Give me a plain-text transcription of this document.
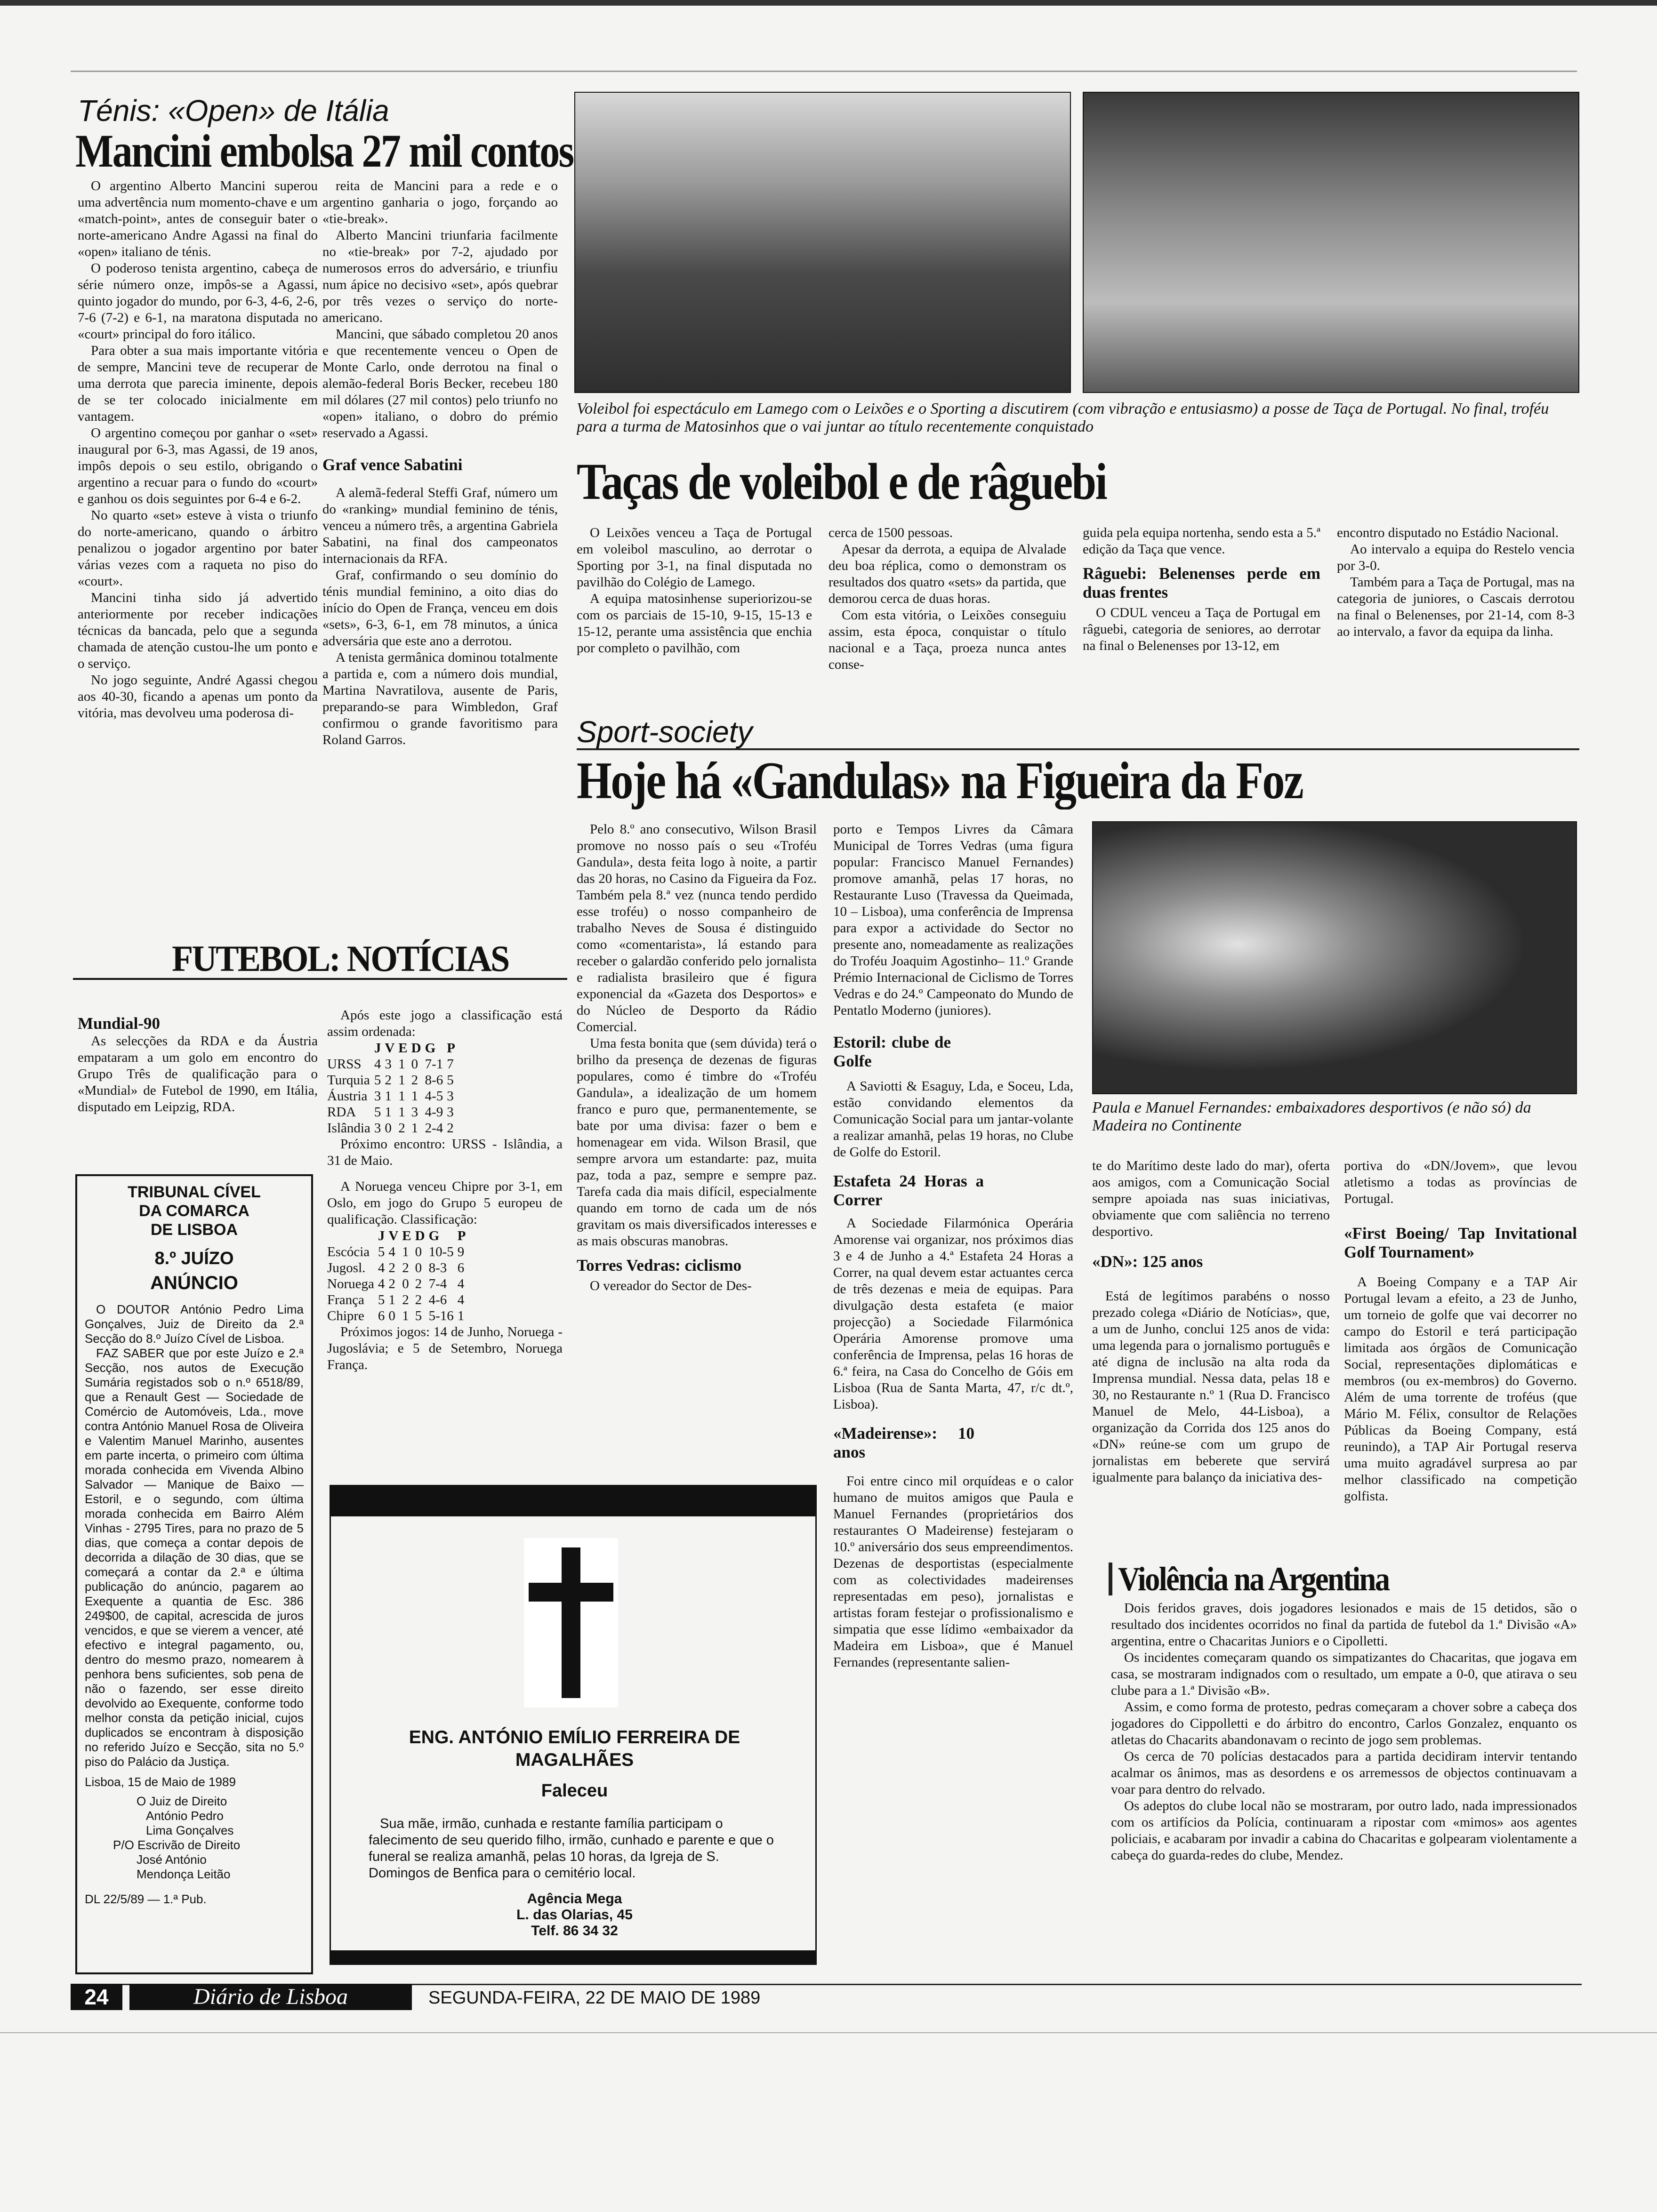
Ténis: «Open» de Itália
Mancini embolsa 27 mil contos

O argentino Alberto Mancini superou uma advertência num momento-chave e um «match-point», antes de conseguir bater o norte-americano Andre Agassi na final do «open» italiano de ténis.

O poderoso tenista argentino, cabeça de série número onze, impôs-se a Agassi, quinto jogador do mundo, por 6-3, 4-6, 2-6, 7-6 (7-2) e 6-1, na maratona disputada no «court» principal do foro itálico.

Para obter a sua mais importante vitória de sempre, Mancini teve de recuperar de uma derrota que parecia iminente, depois de se ter colocado inicialmente em vantagem.

O argentino começou por ganhar o «set» inaugural por 6-3, mas Agassi, de 19 anos, impôs depois o seu estilo, obrigando o argentino a recuar para o fundo do «court» e ganhou os dois seguintes por 6-4 e 6-2.

No quarto «set» esteve à vista o triunfo do norte-americano, quando o árbitro penalizou o jogador argentino por bater várias vezes com a raqueta no piso do «court».

Mancini tinha sido já advertido anteriormente por receber indicações técnicas da bancada, pelo que a segunda chamada de atenção custou-lhe um ponto e o serviço.

No jogo seguinte, André Agassi chegou aos 40-30, ficando a apenas um ponto da vitória, mas devolveu uma poderosa di-

reita de Mancini para a rede e o argentino ganharia o jogo, forçando ao «tie-break».

Alberto Mancini triunfaria facilmente no «tie-break» por 7-2, ajudado por numerosos erros do adversário, e triunfiu num ápice no decisivo «set», após quebrar por três vezes o serviço do norte-americano.

Mancini, que sábado completou 20 anos e que recentemente venceu o Open de Monte Carlo, onde derrotou na final o alemão-federal Boris Becker, recebeu 180 mil dólares (27 mil contos) pelo triunfo no «open» italiano, o dobro do prémio reservado a Agassi.

Graf vence Sabatini

A alemã-federal Steffi Graf, número um do «ranking» mundial feminino de ténis, venceu a número três, a argentina Gabriela Sabatini, na final dos campeonatos internacionais da RFA.

Graf, confirmando o seu domínio do ténis mundial feminino, a oito dias do início do Open de França, venceu em dois «sets», 6-3, 6-1, em 78 minutos, a única adversária que este ano a derrotou.

A tenista germânica dominou totalmente a partida e, com a número dois mundial, Martina Navratilova, ausente de Paris, preparando-se para Wimbledon, Graf confirmou o grande favoritismo para Roland Garros.

FUTEBOL: NOTÍCIAS
Mundial-90

As selecções da RDA e da Áustria empataram a um golo em encontro do Grupo Três de qualificação para o «Mundial» de Futebol de 1990, em Itália, disputado em Leipzig, RDA.

Após este jogo a classificação está assim ordenada:

	J	V	E	D	G	P
URSS	4	3	1	0	7-1	7
Turquia	5	2	1	2	8-6	5
Áustria	3	1	1	1	4-5	3
RDA	5	1	1	3	4-9	3
Islândia	3	0	2	1	2-4	2

Próximo encontro: URSS - Islândia, a 31 de Maio.

A Noruega venceu Chipre por 3-1, em Oslo, em jogo do Grupo 5 europeu de qualificação. Classificação:

	J	V	E	D	G	P
Escócia	5	4	1	0	10-5	9
Jugosl.	4	2	2	0	8-3	6
Noruega	4	2	0	2	7-4	4
França	5	1	2	2	4-6	4
Chipre	6	0	1	5	5-16	1

Próximos jogos: 14 de Junho, Noruega - Jugoslávia; e 5 de Setembro, Noruega França.

TRIBUNAL CÍVEL
DA COMARCA
DE LISBOA
8.º JUÍZO
ANÚNCIO

O DOUTOR António Pedro Lima Gonçalves, Juiz de Direito da 2.ª Secção do 8.º Juízo Cível de Lisboa.

FAZ SABER que por este Juízo e 2.ª Secção, nos autos de Execução Sumária registados sob o n.º 6518/89, que a Renault Gest — Sociedade de Comércio de Automóveis, Lda., move contra António Manuel Rosa de Oliveira e Valentim Manuel Marinho, ausentes em parte incerta, o primeiro com última morada conhecida em Vivenda Albino Salvador — Manique de Baixo — Estoril, e o segundo, com última morada conhecida em Bairro Além Vinhas - 2795 Tires, para no prazo de 5 dias, que começa a contar depois de decorrida a dilação de 30 dias, que se começará a contar da 2.ª e última publicação do anúncio, pagarem ao Exequente a quantia de Esc. 386 249$00, de capital, acrescida de juros vencidos, e que se vierem a vencer, até efectivo e integral pagamento, ou, dentro do mesmo prazo, nomearem à penhora bens suficientes, sob pena de não o fazendo, ser esse direito devolvido ao Exequente, conforme todo melhor consta da petição inicial, cujos duplicados se encontram à disposição no referido Juízo e Secção, sita no 5.º piso do Palácio da Justiça.

Lisboa, 15 de Maio de 1989
O Juiz de Direito
António Pedro
Lima Gonçalves
P/O Escrivão de Direito
José António
Mendonça Leitão
DL 22/5/89 — 1.ª Pub.
ENG. ANTÓNIO EMÍLIO FERREIRA DE MAGALHÃES
Faleceu
Sua mãe, irmão, cunhada e restante família participam o falecimento de seu querido filho, irmão, cunhado e parente e que o funeral se realiza amanhã, pelas 10 horas, da Igreja de S. Domingos de Benfica para o cemitério local.
Agência Mega
L. das Olarias, 45
Telf. 86 34 32
Voleibol foi espectáculo em Lamego com o Leixões e o Sporting a discutirem (com vibração e entusiasmo) a posse de Taça de Portugal. No final, troféu para a turma de Matosinhos que o vai juntar ao título recentemente conquistado
Taças de voleibol e de râguebi

O Leixões venceu a Taça de Portugal em voleibol masculino, ao derrotar o Sporting por 3-1, na final disputada no pavilhão do Colégio de Lamego.

A equipa matosinhense superiorizou-se com os parciais de 15-10, 9-15, 15-13 e 15-12, perante uma assistência que enchia por completo o pavilhão, com

cerca de 1500 pessoas.

Apesar da derrota, a equipa de Alvalade deu boa réplica, como o demonstram os resultados dos quatro «sets» da partida, que demorou cerca de duas horas.

Com esta vitória, o Leixões conseguiu assim, esta época, conquistar o título nacional e a Taça, proeza nunca antes conse-

guida pela equipa nortenha, sendo esta a 5.ª edição da Taça que vence.

Râguebi: Belenenses perde em duas frentes

O CDUL venceu a Taça de Portugal em râguebi, categoria de seniores, ao derrotar na final o Belenenses por 13-12, em

encontro disputado no Estádio Nacional.

Ao intervalo a equipa do Restelo vencia por 3-0.

Também para a Taça de Portugal, mas na categoria de juniores, o Cascais derrotou na final o Belenenses, por 21-14, com 8-3 ao intervalo, a favor da equipa da linha.

Sport-society
Hoje há «Gandulas» na Figueira da Foz

Pelo 8.º ano consecutivo, Wilson Brasil promove no nosso país o seu «Troféu Gandula», desta feita logo à noite, a partir das 20 horas, no Casino da Figueira da Foz. Também pela 8.ª vez (nunca tendo perdido esse troféu) o nosso companheiro de trabalho Neves de Sousa é distinguido como «comentarista», lá estando para receber o galardão conferido pelo jornalista e radialista brasileiro que é figura exponencial da «Gazeta dos Desportos» e do Núcleo de Desporto da Rádio Comercial.

Uma festa bonita que (sem dúvida) terá o brilho da presença de dezenas de figuras populares, como é timbre do «Troféu Gandula», a idealização de um homem franco e puro que, permanentemente, se bate por uma divisa: fazer o bem e homenagear em vida. Wilson Brasil, que sempre arvora um estandarte: paz, muita paz, toda a paz, sempre e sempre paz. Tarefa cada dia mais difícil, especialmente quando em torno de cada um de nós gravitam os mais diversificados interesses e as mais obscuras manobras.

Torres Vedras: ciclismo

O vereador do Sector de Des-

porto e Tempos Livres da Câmara Municipal de Torres Vedras (uma figura popular: Francisco Manuel Fernandes) promove amanhã, pelas 17 horas, no Restaurante Luso (Travessa da Queimada, 10 – Lisboa), uma conferência de Imprensa para expor a actividade do Sector no presente ano, nomeadamente as realizações do Troféu Joaquim Agostinho– 11.º Grande Prémio Internacional de Ciclismo de Torres Vedras e do 24.º Campeonato do Mundo de Pentatlo Moderno (juniores).

Estoril: clube de Golfe

A Saviotti & Esaguy, Lda, e Soceu, Lda, estão convidando elementos da Comunicação Social para um jantar-volante a realizar amanhã, pelas 19 horas, no Clube de Golfe do Estoril.

Estafeta 24 Horas a Correr

A Sociedade Filarmónica Operária Amorense vai organizar, nos próximos dias 3 e 4 de Junho a 4.ª Estafeta 24 Horas a Correr, na qual devem estar actuantes cerca de três dezenas e meia de equipas. Para divulgação desta estafeta (e maior projecção) a Sociedade Filarmónica Operária Amorense promove uma conferência de Imprensa, pelas 16 horas de 6.ª feira, na Casa do Concelho de Góis em Lisboa (Rua de Santa Marta, 47, r/c dt.º, Lisboa).

«Madeirense»: 10 anos

Foi entre cinco mil orquídeas e o calor humano de muitos amigos que Paula e Manuel Fernandes (proprietários dos restaurantes O Madeirense) festejaram o 10.º aniversário dos seus empreendimentos. Dezenas de desportistas (especialmente com as colectividades madeirenses representadas em peso), jornalistas e artistas foram festejar o profissionalismo e simpatia que esse lídimo «embaixador da Madeira em Lisboa», que é Manuel Fernandes (representante salien-

Paula e Manuel Fernandes: embaixadores desportivos (e não só) da Madeira no Continente

te do Marítimo deste lado do mar), oferta aos amigos, com a Comunicação Social sempre apoiada nas suas iniciativas, obviamente que com saliência no terreno desportivo.

«DN»: 125 anos

Está de legítimos parabéns o nosso prezado colega «Diário de Notícias», que, a um de Junho, conclui 125 anos de vida: uma legenda para o jornalismo português e até digna de inclusão na alta roda da Imprensa mundial. Nessa data, pelas 18 e 30, no Restaurante n.º 1 (Rua D. Francisco Manuel de Melo, 44-Lisboa), a organização da Corrida dos 125 anos do «DN» reúne-se com um grupo de jornalistas em beberete que servirá igualmente para balanço da iniciativa des-

portiva do «DN/Jovem», que levou atletismo a todas as províncias de Portugal.

«First Boeing/ Tap Invitational Golf Tournament»

A Boeing Company e a TAP Air Portugal levam a efeito, a 23 de Junho, um torneio de golfe que vai decorrer no campo do Estoril e terá participação limitada aos órgãos de Comunicação Social, representações diplomáticas e membros (ou ex-membros) do Governo. Além de uma torrente de troféus (que Mário M. Félix, consultor de Relações Públicas da Boeing Company, está reunindo), a TAP Air Portugal reserva uma muito agradável surpresa ao par melhor classificado na competição golfista.

Violência na Argentina

Dois feridos graves, dois jogadores lesionados e mais de 15 detidos, são o resultado dos incidentes ocorridos no final da partida de futebol da 1.ª Divisão «A» argentina, entre o Chacaritas Juniors e o Cipolletti.

Os incidentes começaram quando os simpatizantes do Chacaritas, que jogava em casa, se mostraram indignados com o resultado, um empate a 0-0, que atirava o seu clube para a 1.ª Divisão «B».

Assim, e como forma de protesto, pedras começaram a chover sobre a cabeça dos jogadores do Cippolletti e do árbitro do encontro, Carlos Gonzalez, enquanto os atletas do Chacarits abandonavam o recinto de jogo sem problemas.

Os cerca de 70 polícias destacados para a partida decidiram intervir tentando acalmar os ânimos, mas as desordens e os arremessos de objectos continuavam a voar para dentro do relvado.

Os adeptos do clube local não se mostraram, por outro lado, nada impressionados com os artifícios da Polícia, continuaram a ripostar com «mimos» aos agentes policiais, e acabaram por invadir a cabina do Chacaritas e golpearam violentamente a cabeça do guarda-redes do clube, Mendez.

24	Diário de Lisboa	SEGUNDA-FEIRA, 22 DE MAIO DE 1989
